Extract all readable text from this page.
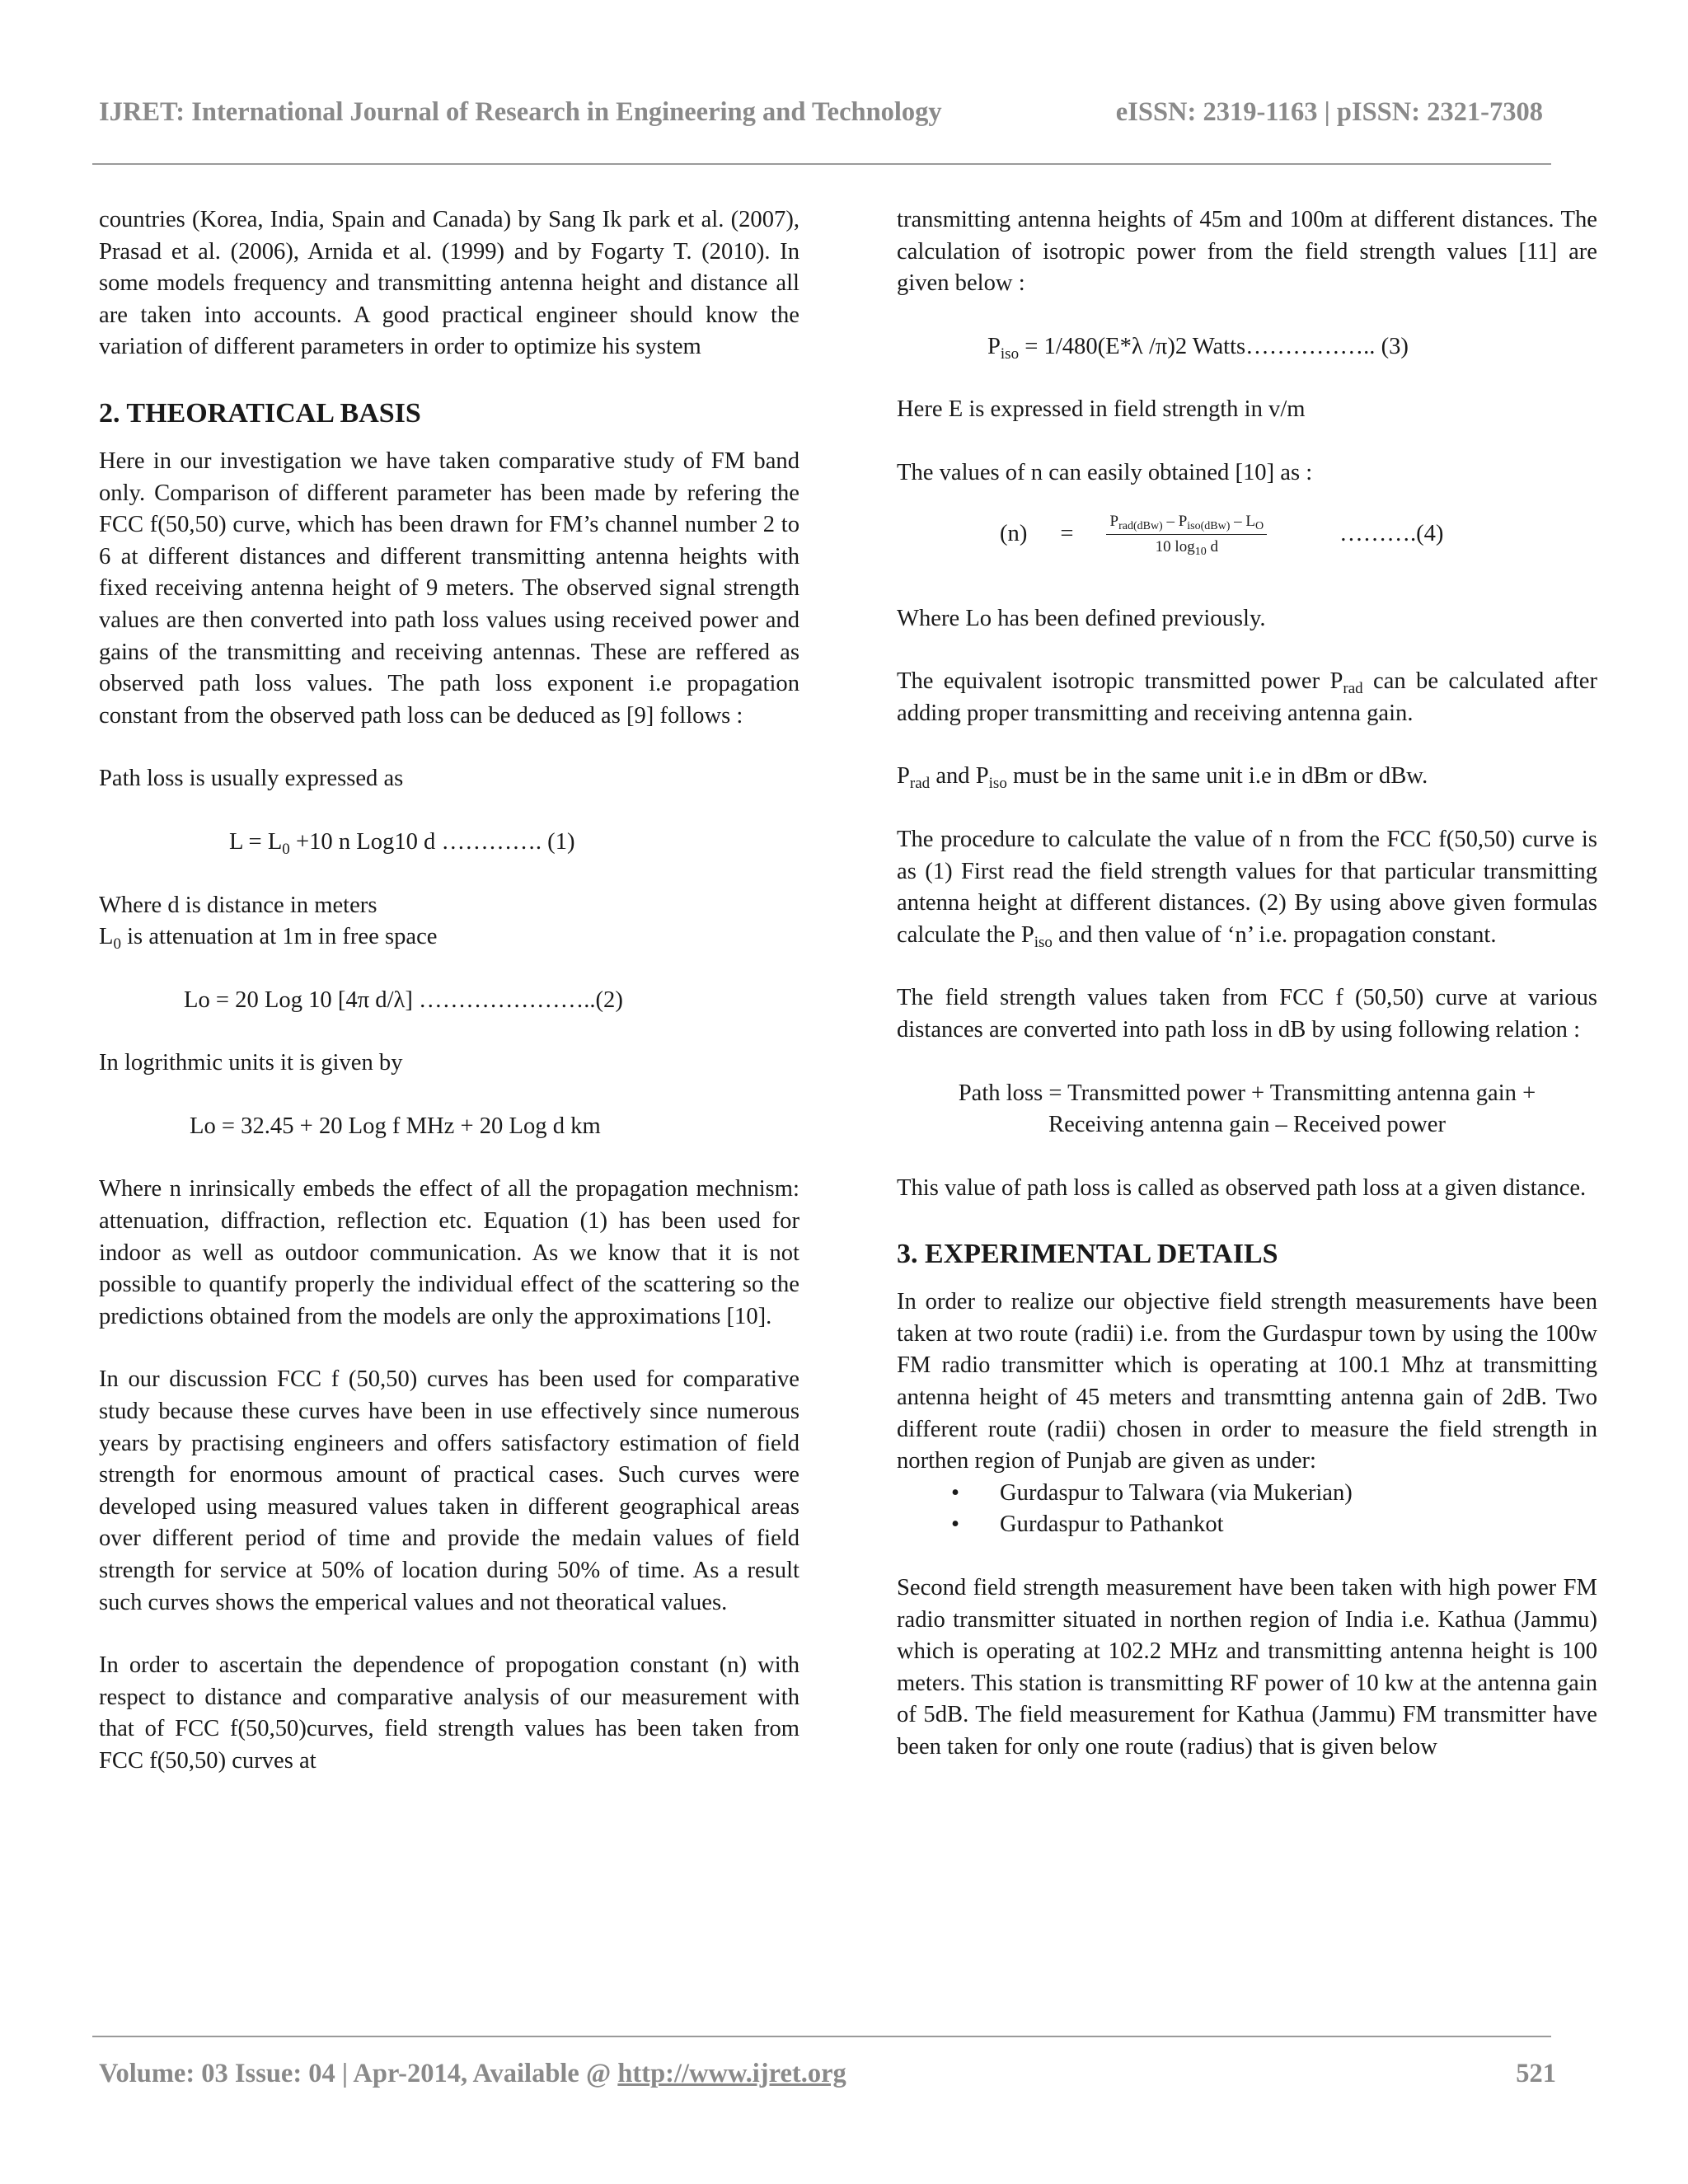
IJRET: International Journal of Research in Engineering and Technology	eISSN: 2319-1163 | pISSN: 2321-7308

countries (Korea, India, Spain and Canada) by Sang Ik park et al. (2007), Prasad et al. (2006), Arnida et al. (1999) and by Fogarty T. (2010). In some models frequency and transmitting antenna height and distance all are taken into accounts. A good practical engineer should know the variation of different parameters in order to optimize his system

2. THEORATICAL BASIS

Here in our investigation we have taken comparative study of FM band only. Comparison of different parameter has been made by refering the FCC f(50,50) curve, which has been drawn for FM’s channel number 2 to 6 at different distances and different transmitting antenna heights with fixed receiving antenna height of 9 meters. The observed signal strength values are then converted into path loss values using received power and gains of the transmitting and receiving antennas. These are reffered as observed path loss values. The path loss exponent i.e propagation constant from the observed path loss can be deduced as [9] follows :

Path loss is usually expressed as

$L = L_0 +10$ n Log10 d …………. (1)

Where d is distance in meters

$L_0$ is attenuation at 1m in free space

Lo = 20 Log 10 [4π d/λ] …………………..(2)

In logrithmic units it is given by

Lo = 32.45 + 20 Log f MHz + 20 Log d km

Where n inrinsically embeds the effect of all the propagation mechnism: attenuation, diffraction, reflection etc. Equation (1) has been used for indoor as well as outdoor communication. As we know that it is not possible to quantify properly the individual effect of the scattering so the predictions obtained from the models are only the approximations [10].

In our discussion FCC f (50,50) curves has been used for comparative study because these curves have been in use effectively since numerous years by practising engineers and offers satisfactory estimation of field strength for enormous amount of practical cases. Such curves were developed using measured values taken in different geographical areas over different period of time and provide the medain values of field strength for service at 50% of location during 50% of time. As a result such curves shows the emperical values and not theoratical values.

In order to ascertain the dependence of propogation constant (n) with respect to distance and comparative analysis of our measurement with that of FCC f(50,50)curves, field strength values has been taken from FCC f(50,50) curves at

transmitting antenna heights of 45m and 100m at different distances. The calculation of isotropic power from the field strength values [11] are given below :

$P_{iso} = 1/480(E*\lambda$ /π)2 Watts…………….. (3)

Here E is expressed in field strength in v/m

The values of n can easily obtained [10] as :

$(n) = \frac{P_{rad(dBw)} - P_{iso(dBw)} - L_O}{10 \log_{10} d}$	……….(4)

Where Lo has been defined previously.

The equivalent isotropic transmitted power $P_{rad}$ can be calculated after adding proper transmitting and receiving antenna gain.

$P_{rad}$ and $P_{iso}$ must be in the same unit i.e in dBm or dBw.

The procedure to calculate the value of n from the FCC f(50,50) curve is as (1) First read the field strength values for that particular transmitting antenna height at different distances. (2) By using above given formulas calculate the $P_{iso}$ and then value of ‘n’ i.e. propagation constant.

The field strength values taken from FCC f (50,50) curve at various distances are converted into path loss in dB by using following relation :

Path loss = Transmitted power + Transmitting antenna gain +
Receiving antenna gain – Received power

This value of path loss is called as observed path loss at a given distance.

3. EXPERIMENTAL DETAILS

In order to realize our objective field strength measurements have been taken at two route (radii) i.e. from the Gurdaspur town by using the 100w FM radio transmitter which is operating at 100.1 Mhz at transmitting antenna height of 45 meters and transmtting antenna gain of 2dB. Two different route (radii) chosen in order to measure the field strength in northen region of Punjab are given as under:

• Gurdaspur to Talwara (via Mukerian)
• Gurdaspur to Pathankot

Second field strength measurement have been taken with high power FM radio transmitter situated in northen region of India i.e. Kathua (Jammu) which is operating at 102.2 MHz and transmitting antenna height is 100 meters. This station is transmitting RF power of 10 kw at the antenna gain of 5dB. The field measurement for Kathua (Jammu) FM transmitter have been taken for only one route (radius) that is given below

Volume: 03 Issue: 04 | Apr-2014, Available @ http://www.ijret.org	521
